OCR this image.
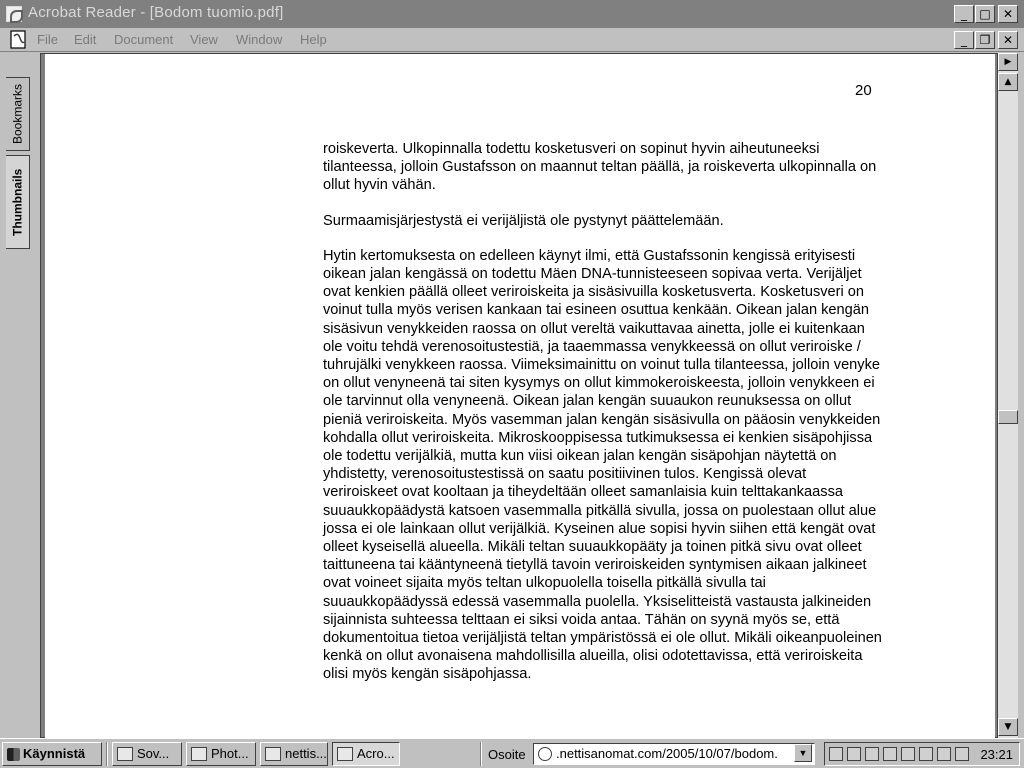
Acrobat Reader - [Bodom tuomio.pdf]	_	□	✕
File Edit Document View Window Help	_	❐	✕
Bookmarks
Thumbnails
20

roiskeverta. Ulkopinnalla todettu kosketusveri on sopinut hyvin aiheutuneeksi tilanteessa, jolloin Gustafsson on maannut teltan päällä, ja roiskeverta ulkopinnalla on ollut hyvin vähän.

Surmaamisjärjestystä ei verijäljistä ole pystynyt päättelemään.

Hytin kertomuksesta on edelleen käynyt ilmi, että Gustafssonin kengissä erityisesti oikean jalan kengässä on todettu Mäen DNA-tunnisteeseen sopivaa verta. Verijäljet ovat kenkien päällä olleet veriroiskeita ja sisäsivuilla kosketusverta. Kosketusveri on voinut tulla myös verisen kankaan tai esineen osuttua kenkään. Oikean jalan kengän sisäsivun venykkeiden raossa on ollut vereltä vaikuttavaa ainetta, jolle ei kuitenkaan ole voitu tehdä verenosoitustestiä, ja taaemmassa venykkeessä on ollut veriroiske / tuhrujälki venykkeen raossa. Viimeksimainittu on voinut tulla tilanteessa, jolloin venyke on ollut venyneenä tai siten kysymys on ollut kimmokeroiskeesta, jolloin venykkeen ei ole tarvinnut olla venyneenä. Oikean jalan kengän suuaukon reunuksessa on ollut pieniä veriroiskeita. Myös vasemman jalan kengän sisäsivulla on pääosin venykkeiden kohdalla ollut veriroiskeita. Mikroskooppisessa tutkimuksessa ei kenkien sisäpohjissa ole todettu verijälkiä, mutta kun viisi oikean jalan kengän sisäpohjan näytettä on yhdistetty, verenosoitustestissä on saatu positiivinen tulos. Kengissä olevat veriroiskeet ovat kooltaan ja tiheydeltään olleet samanlaisia kuin telttakankaassa suuaukkopäädystä katsoen vasemmalla pitkällä sivulla, jossa on puolestaan ollut alue jossa ei ole lainkaan ollut verijälkiä. Kyseinen alue sopisi hyvin siihen että kengät ovat olleet kyseisellä alueella. Mikäli teltan suuaukkopääty ja toinen pitkä sivu ovat olleet taittuneena tai kääntyneenä tietyllä tavoin veriroiskeiden syntymisen aikaan jalkineet ovat voineet sijaita myös teltan ulkopuolella toisella pitkällä sivulla tai suuaukkopäädyssä edessä vasemmalla puolella. Yksiselitteistä vastausta jalkineiden sijainnista suhteessa telttaan ei siksi voida antaa. Tähän on syynä myös se, että dokumentoitua tietoa verijäljistä teltan ympäristössä ei ole ollut. Mikäli oikeanpuoleinen kenkä on ollut avonaisena mahdollisilla alueilla, olisi odotettavissa, että veriroiskeita olisi myös kengän sisäpohjassa.

▶
▲
▼
Käynnistä	Sov...	Phot...	nettis...	Acro...	Osoite	.nettisanomat.com/2005/10/07/bodom.	▼	23:21
